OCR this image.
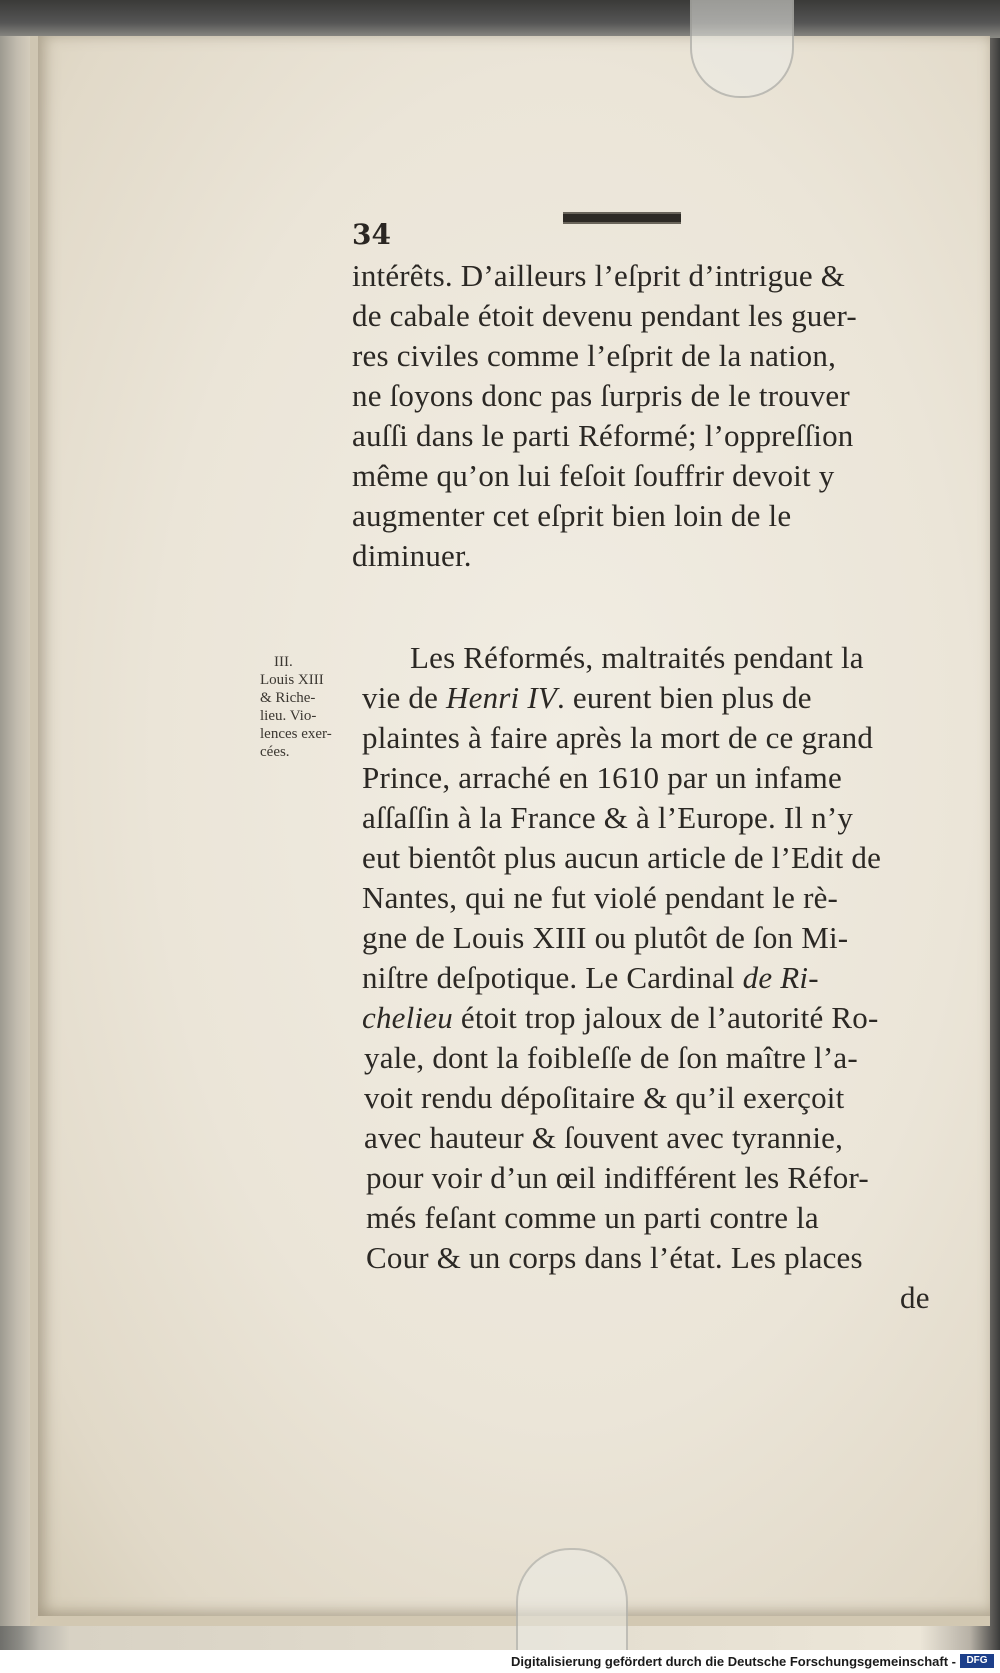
34
intérêts. D’ailleurs l’eſprit d’intrigue &
de cabale étoit devenu pendant les guer-
res civiles comme l’eſprit de la nation,
ne ſoyons donc pas ſurpris de le trouver
auſſi dans le parti Réformé; l’oppreſſion
même qu’on lui feſoit ſouffrir devoit y
augmenter cet eſprit bien loin de le
diminuer.
III.
Louis XIII
& Riche-
lieu. Vio-
lences exer-
cées.
Les Réformés, maltraités pendant la
vie de Henri IV. eurent bien plus de
plaintes à faire après la mort de ce grand
Prince, arraché en 1610 par un infame
aſſaſſin à la France & à l’Europe. Il n’y
eut bientôt plus aucun article de l’Edit de
Nantes, qui ne fut violé pendant le rè-
gne de Louis XIII ou plutôt de ſon Mi-
niſtre deſpotique. Le Cardinal de Ri-
chelieu étoit trop jaloux de l’autorité Ro-
yale, dont la foibleſſe de ſon maître l’a-
voit rendu dépoſitaire & qu’il exerçoit
avec hauteur & ſouvent avec tyrannie,
pour voir d’un œil indifférent les Réfor-
més feſant comme un parti contre la
Cour & un corps dans l’état. Les places
de
Digitalisierung gefördert durch die Deutsche Forschungsgemeinschaft -	DFG
